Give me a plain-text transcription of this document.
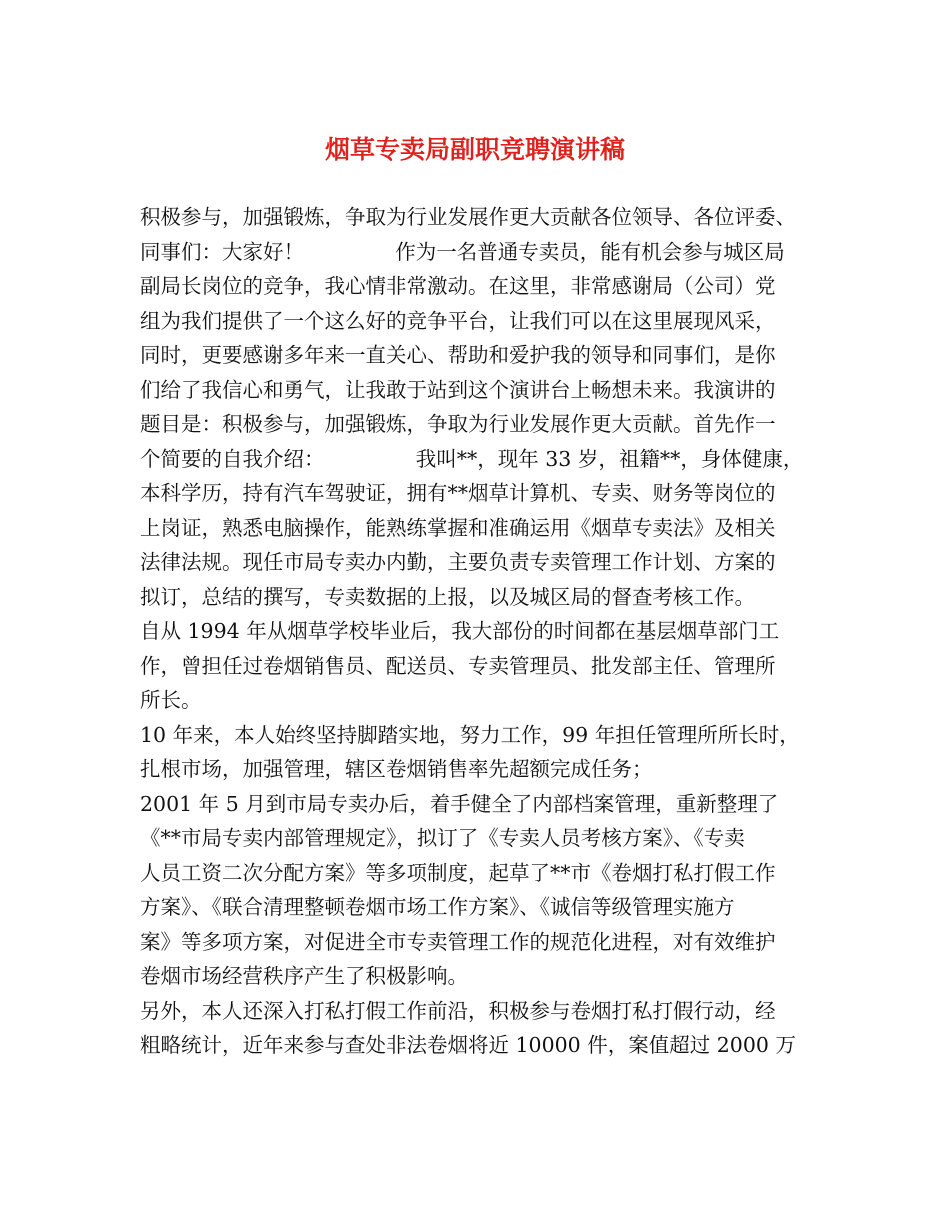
烟草专卖局副职竞聘演讲稿
积极参与，加强锻炼，争取为行业发展作更大贡献各位领导、各位评委、
同事们：大家好！              作为一名普通专卖员，能有机会参与城区局
副局长岗位的竞争，我心情非常激动。在这里，非常感谢局（公司）党
组为我们提供了一个这么好的竞争平台，让我们可以在这里展现风采，
同时，更要感谢多年来一直关心、帮助和爱护我的领导和同事们，是你
们给了我信心和勇气，让我敢于站到这个演讲台上畅想未来。我演讲的
题目是：积极参与，加强锻炼，争取为行业发展作更大贡献。首先作一
个简要的自我介绍：              我叫**，现年 33 岁，祖籍**，身体健康，
本科学历，持有汽车驾驶证，拥有**烟草计算机、专卖、财务等岗位的
上岗证，熟悉电脑操作，能熟练掌握和准确运用《烟草专卖法》及相关
法律法规。现任市局专卖办内勤，主要负责专卖管理工作计划、方案的
拟订，总结的撰写，专卖数据的上报，以及城区局的督查考核工作。
自从 1994 年从烟草学校毕业后，我大部份的时间都在基层烟草部门工
作，曾担任过卷烟销售员、配送员、专卖管理员、批发部主任、管理所
所长。
10 年来，本人始终坚持脚踏实地，努力工作，99 年担任管理所所长时，
扎根市场，加强管理，辖区卷烟销售率先超额完成任务；
2001 年 5 月到市局专卖办后，着手健全了内部档案管理，重新整理了
《**市局专卖内部管理规定》，拟订了《专卖人员考核方案》、《专卖
人员工资二次分配方案》等多项制度，起草了**市《卷烟打私打假工作
方案》、《联合清理整顿卷烟市场工作方案》、《诚信等级管理实施方
案》等多项方案，对促进全市专卖管理工作的规范化进程，对有效维护
卷烟市场经营秩序产生了积极影响。
另外，本人还深入打私打假工作前沿，积极参与卷烟打私打假行动，经
粗略统计，近年来参与查处非法卷烟将近 10000 件，案值超过 2000 万
